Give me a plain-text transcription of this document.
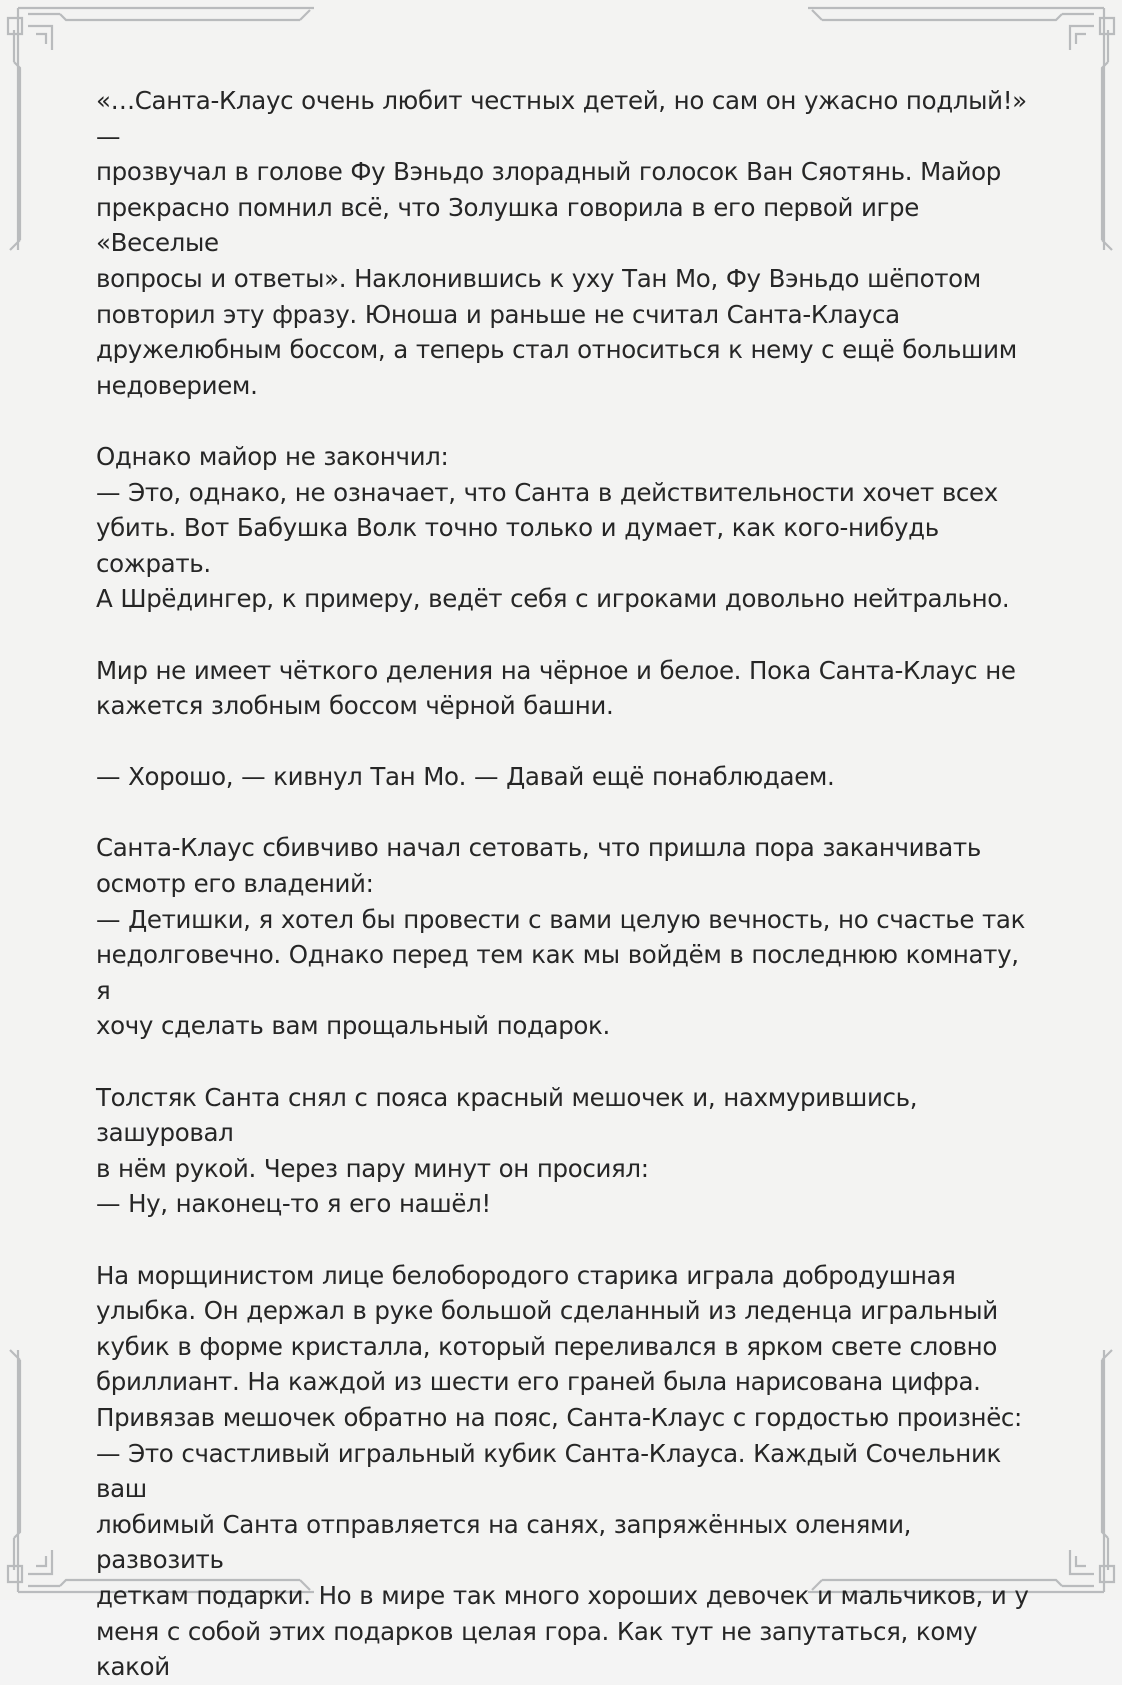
«…Санта-Клаус очень любит честных детей, но сам он ужасно подлый!» —
прозвучал в голове Фу Вэньдо злорадный голосок Ван Сяотянь. Майор
прекрасно помнил всё, что Золушка говорила в его первой игре «Веселые
вопросы и ответы». Наклонившись к уху Тан Мо, Фу Вэньдо шёпотом
повторил эту фразу. Юноша и раньше не считал Санта-Клауса
дружелюбным боссом, а теперь стал относиться к нему с ещё большим
недоверием.

Однако майор не закончил:
— Это, однако, не означает, что Санта в действительности хочет всех
убить. Вот Бабушка Волк точно только и думает, как кого-нибудь сожрать.
А Шрёдингер, к примеру, ведёт себя с игроками довольно нейтрально.

Мир не имеет чёткого деления на чёрное и белое. Пока Санта-Клаус не
кажется злобным боссом чёрной башни.

— Хорошо, — кивнул Тан Мо. — Давай ещё понаблюдаем.

Санта-Клаус сбивчиво начал сетовать, что пришла пора заканчивать
осмотр его владений:
— Детишки, я хотел бы провести с вами целую вечность, но счастье так
недолговечно. Однако перед тем как мы войдём в последнюю комнату, я
хочу сделать вам прощальный подарок.

Толстяк Санта снял с пояса красный мешочек и, нахмурившись, зашуровал
в нём рукой. Через пару минут он просиял:
— Ну, наконец-то я его нашёл!

На морщинистом лице белобородого старика играла добродушная
улыбка. Он держал в руке большой сделанный из леденца игральный
кубик в форме кристалла, который переливался в ярком свете словно
бриллиант. На каждой из шести его граней была нарисована цифра.
Привязав мешочек обратно на пояс, Санта-Клаус с гордостью произнёс:
— Это счастливый игральный кубик Санта-Клауса. Каждый Сочельник ваш
любимый Санта отправляется на санях, запряжённых оленями, развозить
деткам подарки. Но в мире так много хороших девочек и мальчиков, и у
меня с собой этих подарков целая гора. Как тут не запутаться, кому какой
